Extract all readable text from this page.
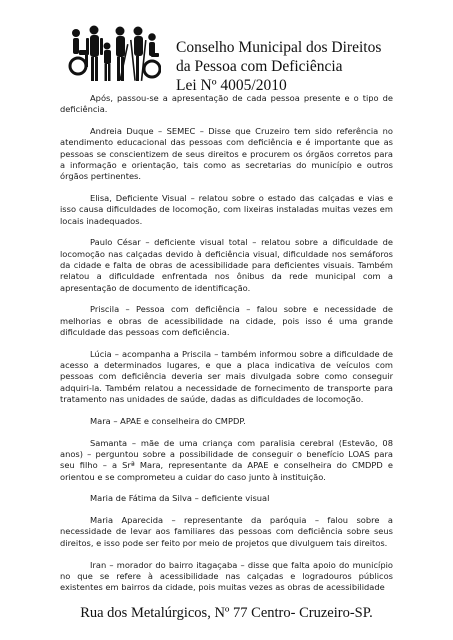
Conselho Municipal dos Direitos
da Pessoa com Deficiência
Lei Nº 4005/2010

Após, passou-se a apresentação de cada pessoa presente e o tipo de deficiência.

Andreia Duque – SEMEC – Disse que Cruzeiro tem sido referência no atendimento educacional das pessoas com deficiência e é importante que as pessoas se conscientizem de seus direitos e procurem os órgãos corretos para a informação e orientação, tais como as secretarias do município e outros órgãos pertinentes.

Elisa, Deficiente Visual – relatou sobre o estado das calçadas e vias e isso causa dificuldades de locomoção, com lixeiras instaladas muitas vezes em locais inadequados.

Paulo César – deficiente visual total – relatou sobre a dificuldade de locomoção nas calçadas devido à deficiência visual, dificuldade nos semáforos da cidade e falta de obras de acessibilidade para deficientes visuais. Também relatou a dificuldade enfrentada nos ônibus da rede municipal com a apresentação de documento de identificação.

Priscila – Pessoa com deficiência – falou sobre e necessidade de melhorias e obras de acessibilidade na cidade, pois isso é uma grande dificuldade das pessoas com deficiência.

Lúcia – acompanha a Priscila – também informou sobre a dificuldade de acesso a determinados lugares, e que a placa indicativa de veículos com pessoas com deficiência deveria ser mais divulgada sobre como conseguir adquiri-la. Também relatou a necessidade de fornecimento de transporte para tratamento nas unidades de saúde, dadas as dificuldades de locomoção.

Mara – APAE e conselheira do CMPDP.

Samanta – mãe de uma criança com paralisia cerebral (Estevão, 08 anos) – perguntou sobre a possibilidade de conseguir o benefício LOAS para seu filho – a Srª Mara, representante da APAE e conselheira do CMDPD e orientou e se comprometeu a cuidar do caso junto à instituição.

Maria de Fátima da Silva – deficiente visual

Maria Aparecida – representante da paróquia – falou sobre a necessidade de levar aos familiares das pessoas com deficiência sobre seus direitos, e isso pode ser feito por meio de projetos que divulguem tais direitos.

Iran – morador do bairro itagaçaba – disse que falta apoio do município no que se refere à acessibilidade nas calçadas e logradouros públicos existentes em bairros da cidade, pois muitas vezes as obras de acessibilidade

Rua dos Metalúrgicos, Nº 77 Centro- Cruzeiro-SP.
